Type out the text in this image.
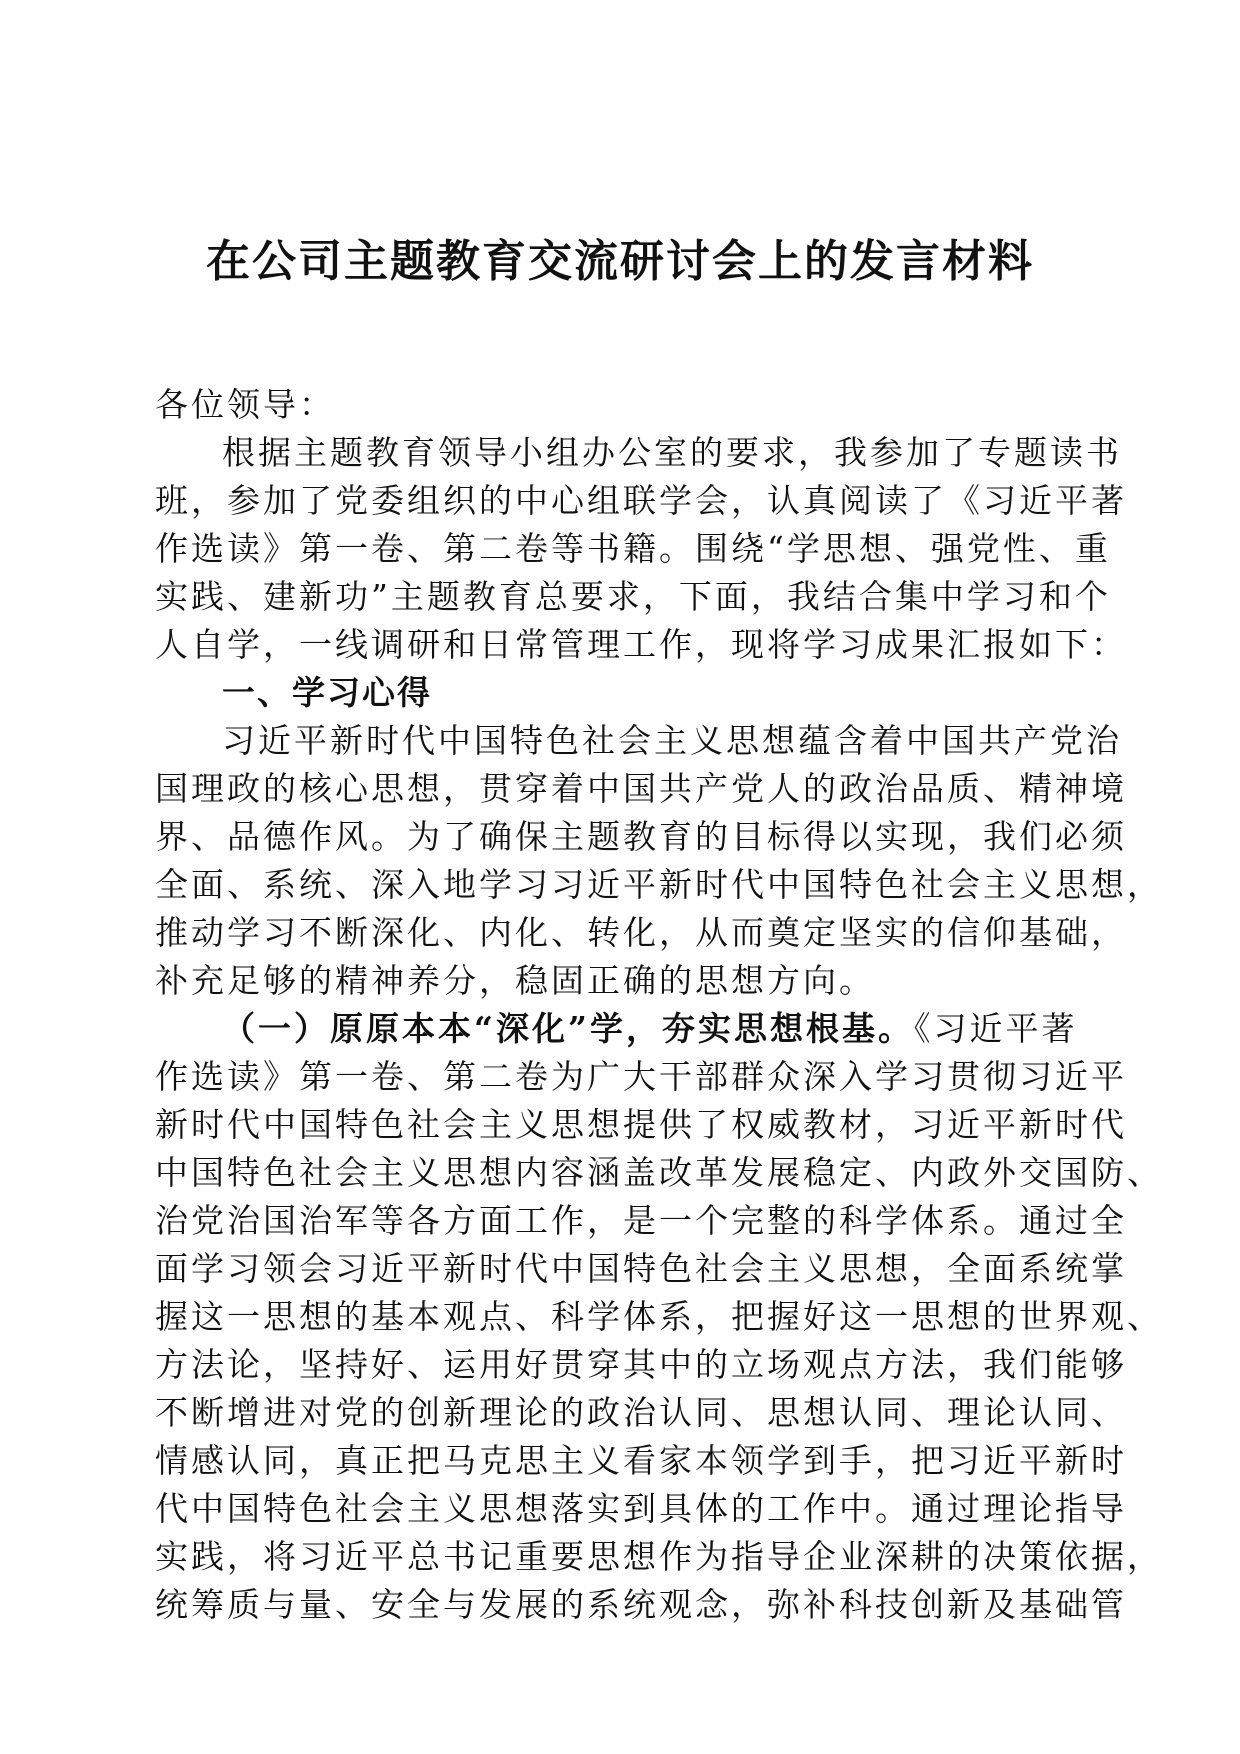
在公司主题教育交流研讨会上的发言材料
各位领导：
根据主题教育领导小组办公室的要求，我参加了专题读书
班，参加了党委组织的中心组联学会，认真阅读了《习近平著
作选读》第一卷、第二卷等书籍。围绕“学思想、强党性、重
实践、建新功”主题教育总要求，下面，我结合集中学习和个
人自学，一线调研和日常管理工作，现将学习成果汇报如下：
一、学习心得
习近平新时代中国特色社会主义思想蕴含着中国共产党治
国理政的核心思想，贯穿着中国共产党人的政治品质、精神境
界、品德作风。为了确保主题教育的目标得以实现，我们必须
全面、系统、深入地学习习近平新时代中国特色社会主义思想，
推动学习不断深化、内化、转化，从而奠定坚实的信仰基础，
补充足够的精神养分，稳固正确的思想方向。
（一）原原本本“深化”学，夯实思想根基。《习近平著
作选读》第一卷、第二卷为广大干部群众深入学习贯彻习近平
新时代中国特色社会主义思想提供了权威教材，习近平新时代
中国特色社会主义思想内容涵盖改革发展稳定、内政外交国防、
治党治国治军等各方面工作，是一个完整的科学体系。通过全
面学习领会习近平新时代中国特色社会主义思想，全面系统掌
握这一思想的基本观点、科学体系，把握好这一思想的世界观、
方法论，坚持好、运用好贯穿其中的立场观点方法，我们能够
不断增进对党的创新理论的政治认同、思想认同、理论认同、
情感认同，真正把马克思主义看家本领学到手，把习近平新时
代中国特色社会主义思想落实到具体的工作中。通过理论指导
实践，将习近平总书记重要思想作为指导企业深耕的决策依据，
统筹质与量、安全与发展的系统观念，弥补科技创新及基础管
